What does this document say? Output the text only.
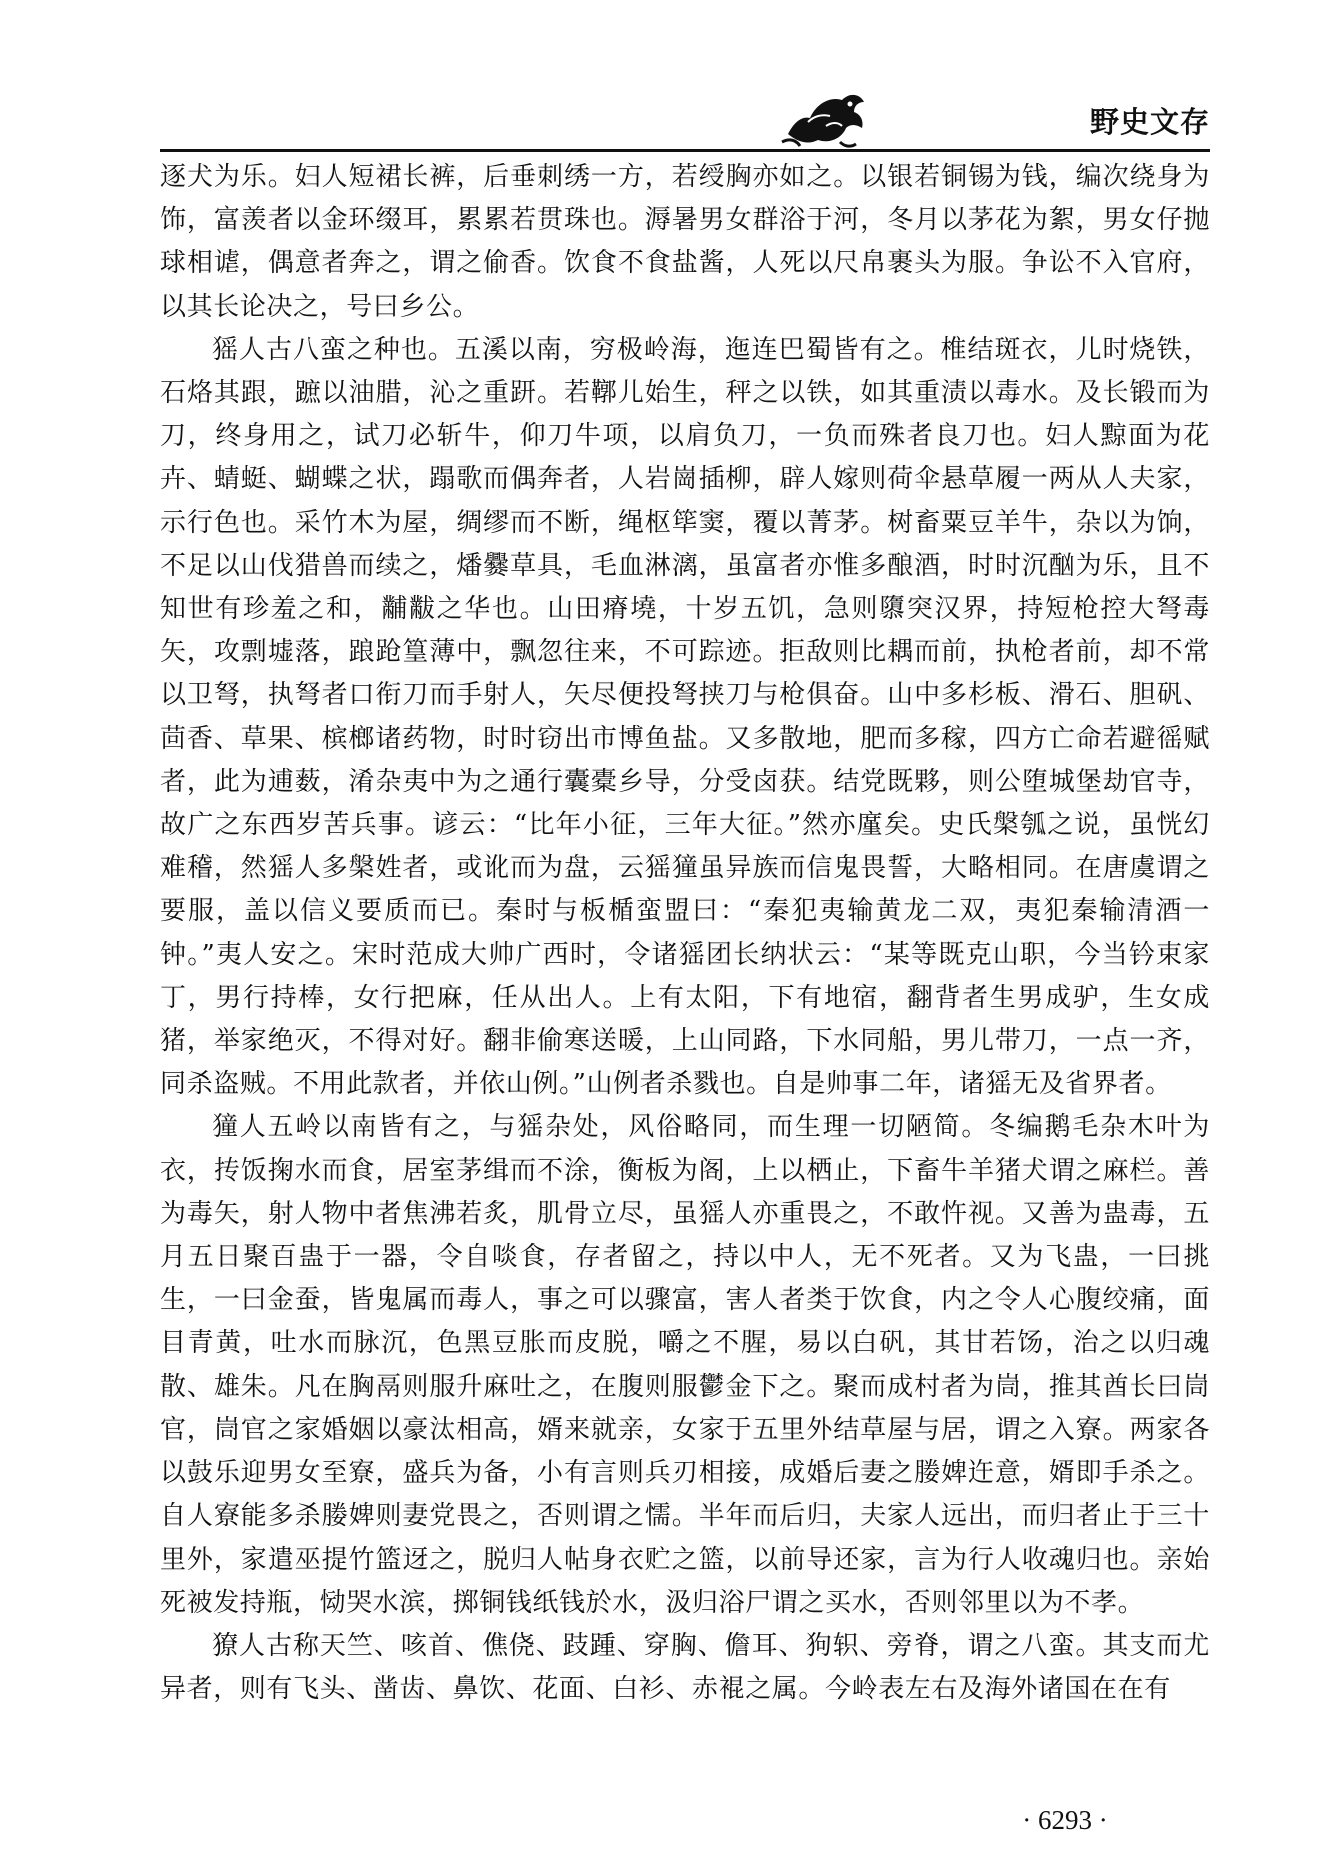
野史文存

逐犬为乐。妇人短裙长裤，后垂刺绣一方，若绶胸亦如之。以银若铜锡为钱，编次绕身为饰，富羡者以金环缀耳，累累若贯珠也。溽暑男女群浴于河，冬月以茅花为絮，男女仔抛球相谑，偶意者奔之，谓之偷香。饮食不食盐酱，人死以尺帛裹头为服。争讼不入官府，以其长论决之，号曰乡公。

猺人古八蛮之种也。五溪以南，穷极岭海，迤连巴蜀皆有之。椎结斑衣，儿时烧铁，石烙其跟，蹠以油腊，沁之重趼。若鞹儿始生，秤之以铁，如其重渍以毒水。及长锻而为刀，终身用之，试刀必斩牛，仰刀牛项，以肩负刀，一负而殊者良刀也。妇人黥面为花卉、蜻蜓、蝴蝶之状，蹋歌而偶奔者，人岩崗插柳，辟人嫁则荷伞悬草履一两从人夫家，示行色也。采竹木为屋，绸缪而不断，绳枢筚窦，覆以菁茅。树畜粟豆羊牛，杂以为饷，不足以山伐猎兽而续之，燔爨草具，毛血淋漓，虽富者亦惟多酿酒，时时沉酗为乐，且不知世有珍羞之和，黼黻之华也。山田瘠墝，十岁五饥，急则隳突汉界，持短枪控大弩毒矢，攻剽墟落，踉跄篁薄中，飘忽往来，不可踪迹。拒敌则比耦而前，执枪者前，却不常以卫弩，执弩者口衔刀而手射人，矢尽便投弩挟刀与枪俱奋。山中多杉板、滑石、胆矾、茴香、草果、槟榔诸药物，时时窃出市博鱼盐。又多散地，肥而多稼，四方亡命若避徭赋者，此为逋薮，淆杂夷中为之通行囊橐乡导，分受卤获。结党既夥，则公堕城堡劫官寺，故广之东西岁苦兵事。谚云：“比年小征，三年大征。”然亦廑矣。史氏槃瓠之说，虽恍幻难稽，然猺人多槃姓者，或讹而为盘，云猺獞虽异族而信鬼畏誓，大略相同。在唐虞谓之要服，盖以信义要质而已。秦时与板楯蛮盟曰：“秦犯夷输黄龙二双，夷犯秦输清酒一钟。”夷人安之。宋时范成大帅广西时，令诸猺团长纳状云：“某等既克山职，今当钤束家丁，男行持棒，女行把麻，任从出人。上有太阳，下有地宿，翻背者生男成驴，生女成猪，举家绝灭，不得对好。翻非偷寒送暖，上山同路，下水同船，男儿带刀，一点一齐，同杀盗贼。不用此款者，并依山例。”山例者杀戮也。自是帅事二年，诸猺无及省界者。

獞人五岭以南皆有之，与猺杂处，风俗略同，而生理一切陋简。冬编鹅毛杂木叶为衣，抟饭掬水而食，居室茅缉而不涂，衡板为阁，上以栖止，下畜牛羊猪犬谓之麻栏。善为毒矢，射人物中者焦沸若炙，肌骨立尽，虽猺人亦重畏之，不敢忤视。又善为蛊毒，五月五日聚百蛊于一器，令自啖食，存者留之，持以中人，无不死者。又为飞蛊，一曰挑生，一曰金蚕，皆鬼属而毒人，事之可以骤富，害人者类于饮食，内之令人心腹绞痛，面目青黄，吐水而脉沉，色黑豆胀而皮脱，嚼之不腥，易以白矾，其甘若饧，治之以归魂散、雄朱。凡在胸鬲则服升麻吐之，在腹则服鬱金下之。聚而成村者为峝，推其酋长曰峝官，峝官之家婚姻以豪汰相高，婿来就亲，女家于五里外结草屋与居，谓之入寮。两家各以鼓乐迎男女至寮，盛兵为备，小有言则兵刃相接，成婚后妻之媵婢迕意，婿即手杀之。自人寮能多杀媵婢则妻党畏之，否则谓之懦。半年而后归，夫家人远出，而归者止于三十里外，家遣巫提竹篮迓之，脱归人帖身衣贮之篮，以前导还家，言为行人收魂归也。亲始死被发持瓶，恸哭水滨，掷铜钱纸钱於水，汲归浴尸谓之买水，否则邻里以为不孝。

獠人古称天竺、咳首、僬侥、跂踵、穿胸、儋耳、狗轵、旁脊，谓之八蛮。其支而尤异者，则有飞头、凿齿、鼻饮、花面、白衫、赤裩之属。今岭表左右及海外诸国在在有

· 6293 ·
